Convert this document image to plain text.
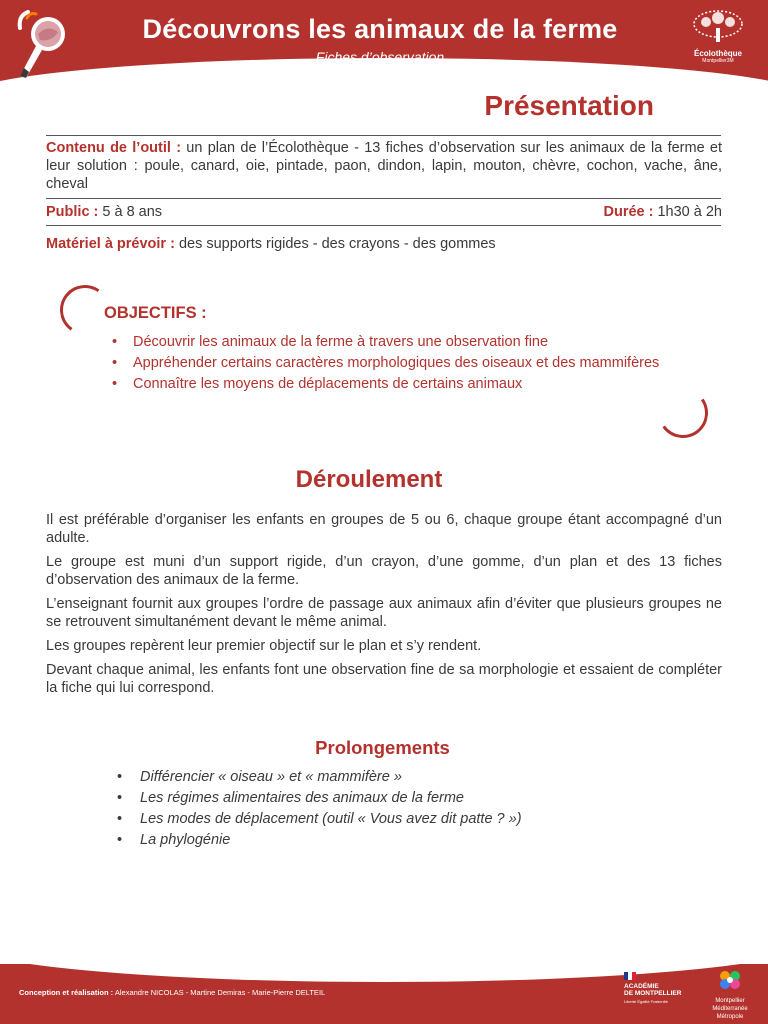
Découvrons les animaux de la ferme
Fiches d’observation	Écolothèque
Montpellier3M
Présentation
Contenu de l’outil : un plan de l’Écolothèque - 13 fiches d’observation sur les animaux de la ferme et leur solution : poule, canard, oie, pintade, paon, dindon, lapin, mouton, chèvre, cochon, vache, âne, cheval
Public : 5 à 8 ans	Durée : 1h30 à 2h
Matériel à prévoir : des supports rigides - des crayons - des gommes
OBJECTIFS :
• Découvrir les animaux de la ferme à travers une observation fine
• Appréhender certains caractères morphologiques des oiseaux et des mammifères
• Connaître les moyens de déplacements de certains animaux
Déroulement
Il est préférable d’organiser les enfants en groupes de 5 ou 6, chaque groupe étant accompagné d’un adulte.
Le groupe est muni d’un support rigide, d’un crayon, d’une gomme, d’un plan et des 13 fiches d’observation des animaux de la ferme.
L’enseignant fournit aux groupes l’ordre de passage aux animaux afin d’éviter que plusieurs groupes ne se retrouvent simultanément devant le même animal.
Les groupes repèrent leur premier objectif sur le plan et s’y rendent.
Devant chaque animal, les enfants font une observation fine de sa morphologie et essaient de compléter la fiche qui lui correspond.
Prolongements
• Différencier « oiseau » et « mammifère »
• Les régimes alimentaires des animaux de la ferme
• Les modes de déplacement (outil « Vous avez dit patte ? »)
• La phylogénie
Conception et réalisation : Alexandre NICOLAS - Martine Demiras - Marie-Pierre DELTEIL
ACADÉMIE
DE MONTPELLIER
Liberté Égalité Fraternité	Montpellier
Méditerranée
Métropole
